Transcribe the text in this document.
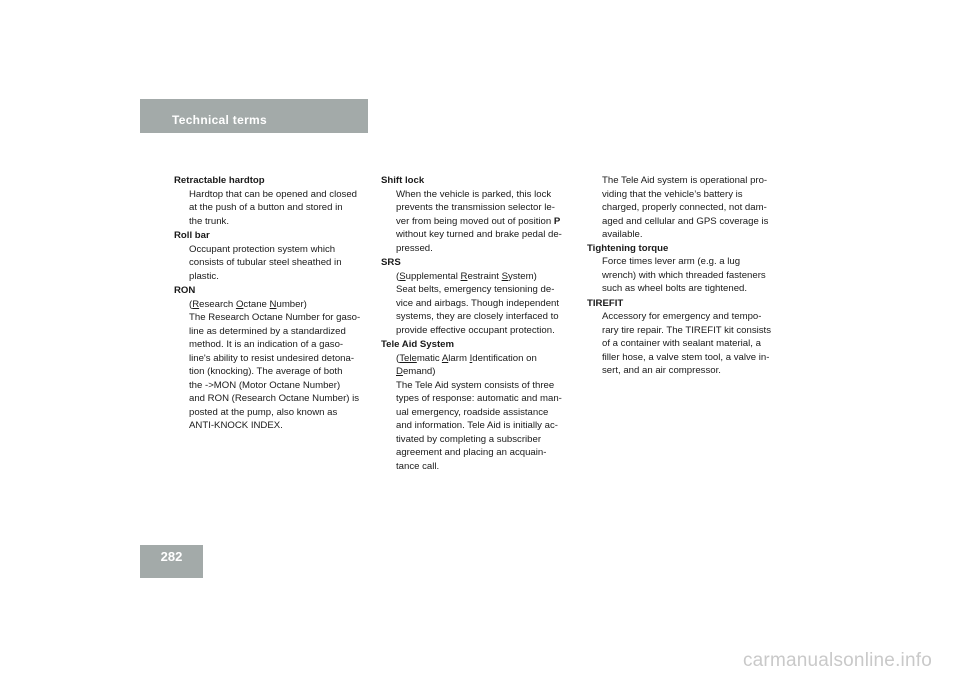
Technical terms
Retractable hardtop
Hardtop that can be opened and closed
at the push of a button and stored in
the trunk.
Roll bar
Occupant protection system which
consists of tubular steel sheathed in
plastic.
RON
(Research Octane Number)
The Research Octane Number for gaso-
line as determined by a standardized
method. It is an indication of a gaso-
line's ability to resist undesired detona-
tion (knocking). The average of both
the ->MON (Motor Octane Number)
and RON (Research Octane Number) is
posted at the pump, also known as
ANTI-KNOCK INDEX.
Shift lock
When the vehicle is parked, this lock
prevents the transmission selector le-
ver from being moved out of position P
without key turned and brake pedal de-
pressed.
SRS
(Supplemental Restraint System)
Seat belts, emergency tensioning de-
vice and airbags. Though independent
systems, they are closely interfaced to
provide effective occupant protection.
Tele Aid System
(Telematic Alarm Identification on
Demand)
The Tele Aid system consists of three
types of response: automatic and man-
ual emergency, roadside assistance
and information. Tele Aid is initially ac-
tivated by completing a subscriber
agreement and placing an acquain-
tance call.
The Tele Aid system is operational pro-
viding that the vehicle’s battery is
charged, properly connected, not dam-
aged and cellular and GPS coverage is
available.
Tightening torque
Force times lever arm (e.g. a lug
wrench) with which threaded fasteners
such as wheel bolts are tightened.
TIREFIT
Accessory for emergency and tempo-
rary tire repair. The TIREFIT kit consists
of a container with sealant material, a
filler hose, a valve stem tool, a valve in-
sert, and an air compressor.
282
carmanualsonline.info
